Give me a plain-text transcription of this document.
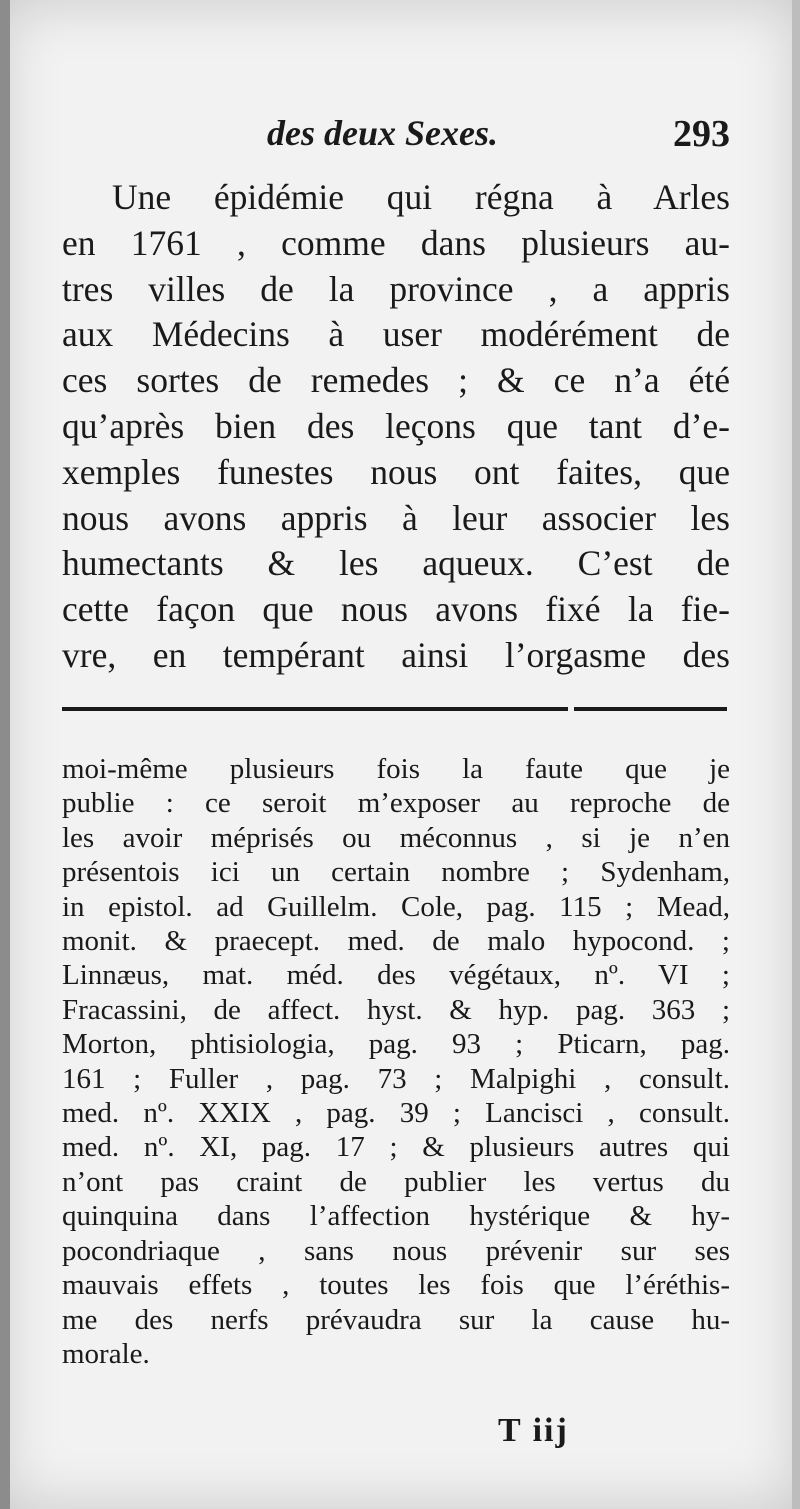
des deux Sexes.	293
Une épidémie qui régna à Arles
en 1761 , comme dans plusieurs au-
tres villes de la province , a appris
aux Médecins à user modérément de
ces sortes de remedes ; & ce n’a été
qu’après bien des leçons que tant d’e-
xemples funestes nous ont faites, que
nous avons appris à leur associer les
humectants & les aqueux. C’est de
cette façon que nous avons fixé la fie-
vre, en tempérant ainsi l’orgasme des
moi-même plusieurs fois la faute que je
publie : ce seroit m’exposer au reproche de
les avoir méprisés ou méconnus , si je n’en
présentois ici un certain nombre ; Sydenham,
in epistol. ad Guillelm. Cole, pag. 115 ; Mead,
monit. & praecept. med. de malo hypocond. ;
Linnæus, mat. méd. des végétaux, nº. VI ;
Fracassini, de affect. hyst. & hyp. pag. 363 ;
Morton, phtisiologia, pag. 93 ; Pticarn, pag.
161 ; Fuller , pag. 73 ; Malpighi , consult.
med. nº. XXIX , pag. 39 ; Lancisci , consult.
med. nº. XI, pag. 17 ; & plusieurs autres qui
n’ont pas craint de publier les vertus du
quinquina dans l’affection hystérique & hy-
pocondriaque , sans nous prévenir sur ses
mauvais effets , toutes les fois que l’éréthis-
me des nerfs prévaudra sur la cause hu-
morale.
T iij
